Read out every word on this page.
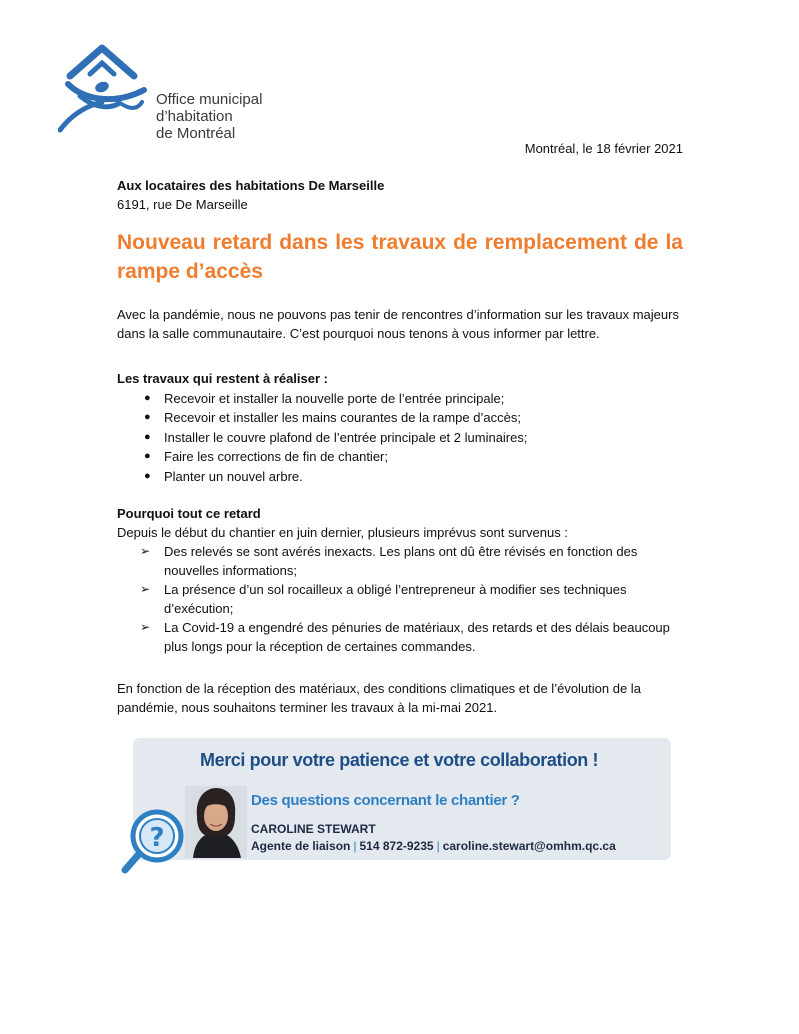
Office municipal
d’habitation
de Montréal
Montréal, le 18 février 2021
Aux locataires des habitations De Marseille
6191, rue De Marseille
Nouveau retard dans les travaux de remplacement de la rampe d’accès

Avec la pandémie, nous ne pouvons pas tenir de rencontres d’information sur les travaux majeurs dans la salle communautaire. C’est pourquoi nous tenons à vous informer par lettre.

Les travaux qui restent à réaliser :
● Recevoir et installer la nouvelle porte de l’entrée principale;
● Recevoir et installer les mains courantes de la rampe d’accès;
● Installer le couvre plafond de l’entrée principale et 2 luminaires;
● Faire les corrections de fin de chantier;
● Planter un nouvel arbre.
Pourquoi tout ce retard
Depuis le début du chantier en juin dernier, plusieurs imprévus sont survenus :
➢ Des relevés se sont avérés inexacts. Les plans ont dû être révisés en fonction des nouvelles informations;
➢ La présence d’un sol rocailleux a obligé l’entrepreneur à modifier ses techniques d’exécution;
➢ La Covid-19 a engendré des pénuries de matériaux, des retards et des délais beaucoup plus longs pour la réception de certaines commandes.

En fonction de la réception des matériaux, des conditions climatiques et de l’évolution de la pandémie, nous souhaitons terminer les travaux à la mi-mai 2021.

Merci pour votre patience et votre collaboration !
Des questions concernant le chantier ?
CAROLINE STEWART
Agente de liaison | 514 872-9235 | caroline.stewart@omhm.qc.ca
?
